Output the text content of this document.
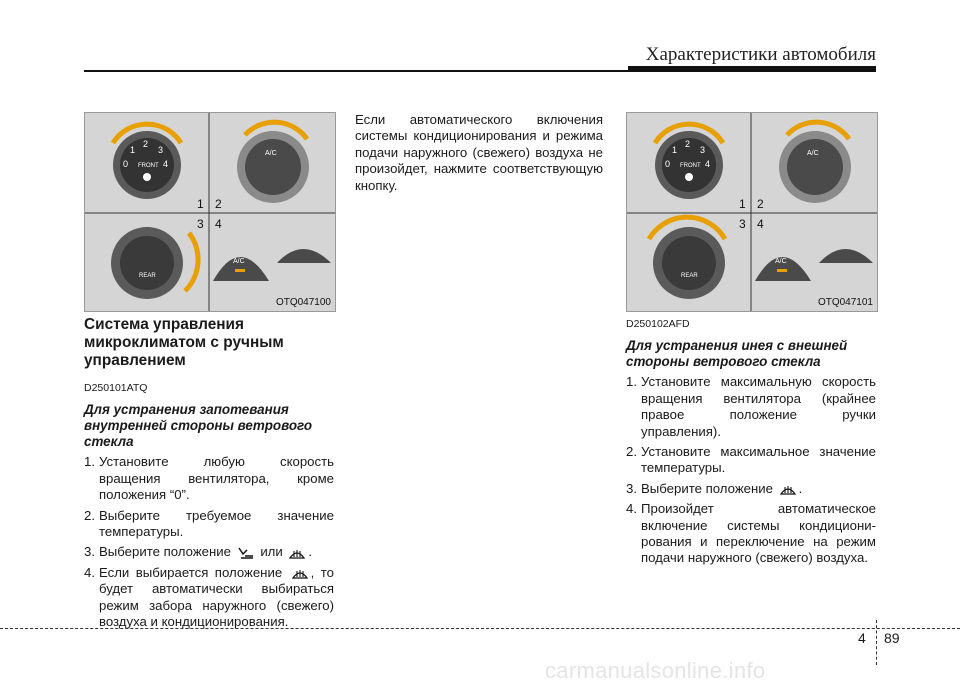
Характеристики автомобиля
2
1	3
0	4
FRONT
A/C
REAR
A/C
1 2
3 4
OTQ047100
2
1	3
0	4
FRONT
A/C
REAR
A/C
1 2
3 4
OTQ047101
Система управления микроклиматом с ручным управлением
D250101ATQ
Для устранения запотевания внутренней стороны ветрового стекла
1. Установите любую скорость вращения вентилятора, кроме положения “0”.
2. Выберите требуемое значение температуры.
3. Выберите положение или .
4. Если выбирается положение , то будет автоматически выбираться режим забора наружного (свежего) воздуха и кондиционирования.
Если автоматического включения системы кондиционирования и режима подачи наружного (свежего) воздуха не произойдет, нажмите соответствующую кнопку.
D250102AFD
Для устранения инея с внешней стороны ветрового стекла
1. Установите максимальную скорость вращения вентилятора (крайнее правое положение ручки управления).
2. Установите максимальное значение температуры.
3. Выберите положение .
4. Произойдет автоматическое включение системы кондициони-рования и переключение на режим подачи наружного (свежего) воздуха.
4 89
carmanualsonline.info
